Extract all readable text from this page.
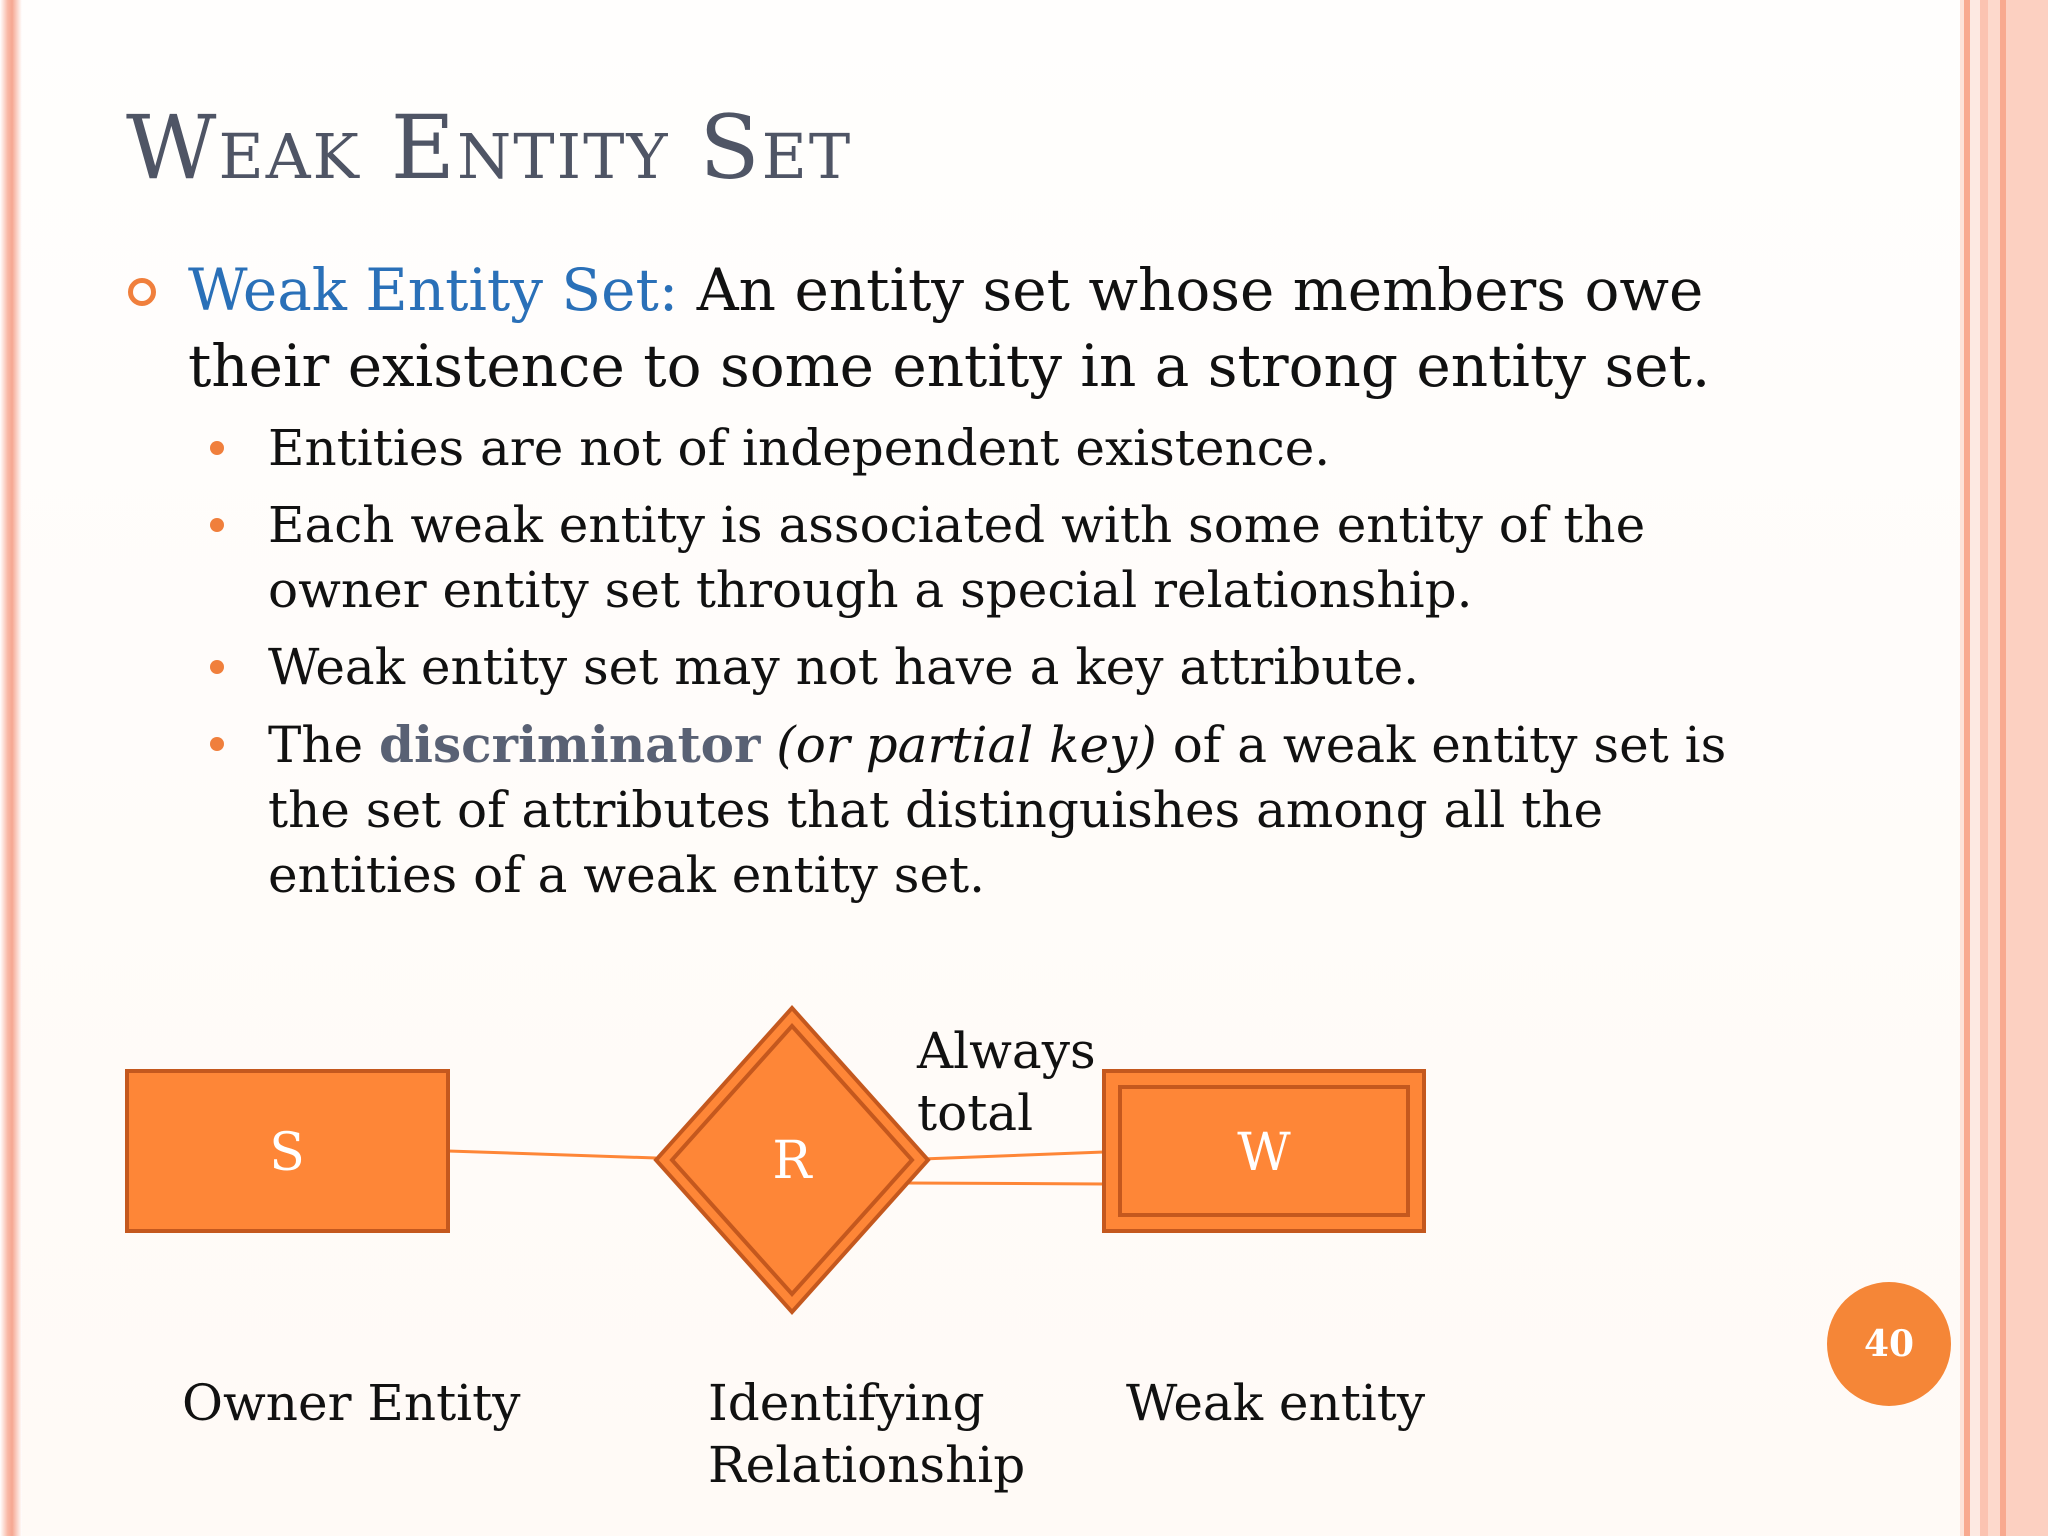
Weak Entity Set
Weak Entity Set: An entity set whose members owe their existence to some entity in a strong entity set.
Entities are not of independent existence.
Each weak entity is associated with some entity of the owner entity set through a special relationship.
Weak entity set may not have a key attribute.
The discriminator (or partial key) of a weak entity set is the set of attributes that distinguishes among all the entities of a weak entity set.
S	R	W
Always
total
Owner Entity	Identifying
Relationship
Weak entity
40
